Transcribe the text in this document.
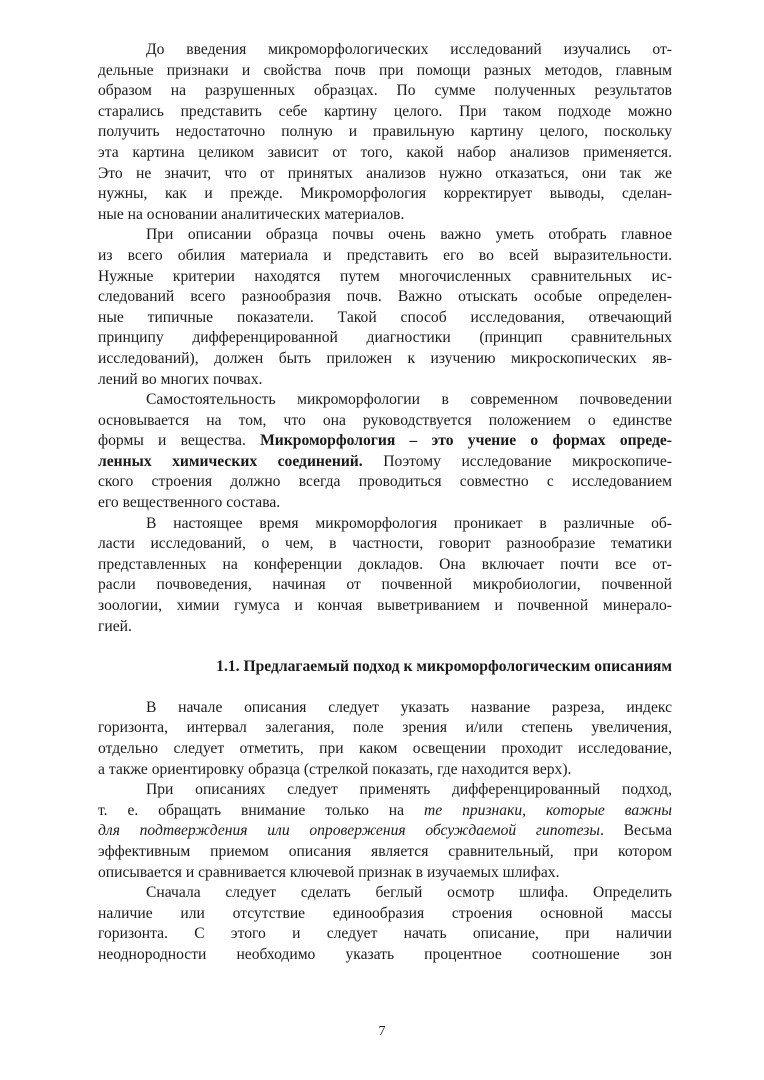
До введения микроморфологических исследований изучались от-
дельные признаки и свойства почв при помощи разных методов, главным
образом на разрушенных образцах. По сумме полученных результатов
старались представить себе картину целого. При таком подходе можно
получить недостаточно полную и правильную картину целого, поскольку
эта картина целиком зависит от того, какой набор анализов применяется.
Это не значит, что от принятых анализов нужно отказаться, они так же
нужны, как и прежде. Микроморфология корректирует выводы, сделан-
ные на основании аналитических материалов.
При описании образца почвы очень важно уметь отобрать главное
из всего обилия материала и представить его во всей выразительности.
Нужные критерии находятся путем многочисленных сравнительных ис-
следований всего разнообразия почв. Важно отыскать особые определен-
ные типичные показатели. Такой способ исследования, отвечающий
принципу дифференцированной диагностики (принцип сравнительных
исследований), должен быть приложен к изучению микроскопических яв-
лений во многих почвах.
Самостоятельность микроморфологии в современном почвоведении
основывается на том, что она руководствуется положением о единстве
формы и вещества. Микроморфология – это учение о формах опреде-
ленных химических соединений. Поэтому исследование микроскопиче-
ского строения должно всегда проводиться совместно с исследованием
его вещественного состава.
В настоящее время микроморфология проникает в различные об-
ласти исследований, о чем, в частности, говорит разнообразие тематики
представленных на конференции докладов. Она включает почти все от-
расли почвоведения, начиная от почвенной микробиологии, почвенной
зоологии, химии гумуса и кончая выветриванием и почвенной минерало-
гией.
1.1. Предлагаемый подход к микроморфологическим описаниям
В начале описания следует указать название разреза, индекс
горизонта, интервал залегания, поле зрения и/или степень увеличения,
отдельно следует отметить, при каком освещении проходит исследование,
а также ориентировку образца (стрелкой показать, где находится верх).
При описаниях следует применять дифференцированный подход,
т. е. обращать внимание только на те признаки, которые важны
для подтверждения или опровержения обсуждаемой гипотезы. Весьма
эффективным приемом описания является сравнительный, при котором
описывается и сравнивается ключевой признак в изучаемых шлифах.
Сначала следует сделать беглый осмотр шлифа. Определить
наличие или отсутствие единообразия строения основной массы
горизонта. С этого и следует начать описание, при наличии
неоднородности необходимо указать процентное соотношение зон
7
